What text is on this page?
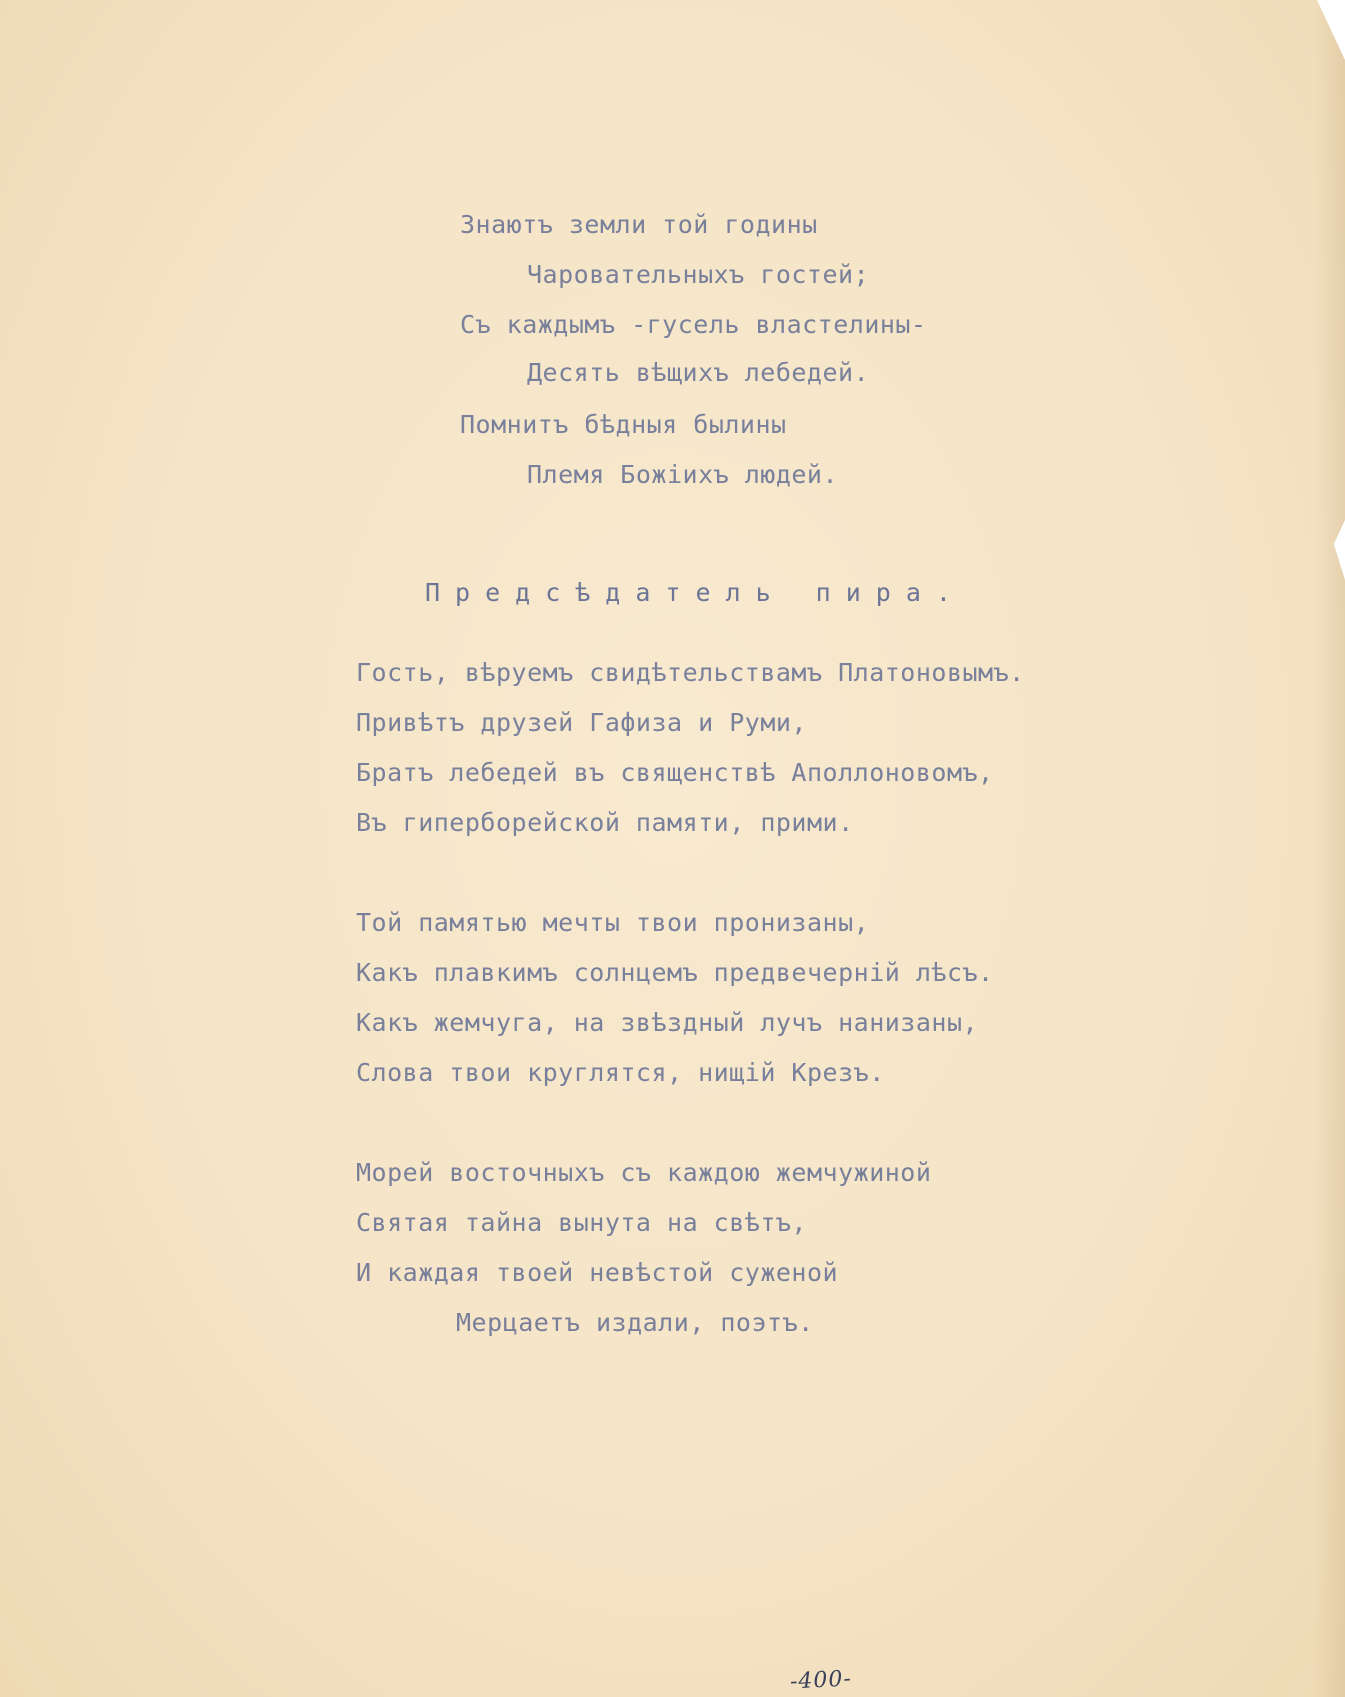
Знаютъ земли той годины

Чаровательныхъ гостей;

Съ каждымъ -гусель властелины-

Десять вѣщихъ лебедей.

Помнитъ бѣдныя былины

Племя Божіихъ людей.

Предсѣдатель пира.

Гость, вѣруемъ свидѣтельствамъ Платоновымъ.

Привѣтъ друзей Гафиза и Руми,

Братъ лебедей въ священствѣ Аполлоновомъ,

Въ гиперборейской памяти, прими.

Той памятью мечты твои пронизаны,

Какъ плавкимъ солнцемъ предвечерній лѣсъ.

Какъ жемчуга, на звѣздный лучъ нанизаны,

Слова твои круглятся, нищій Крезъ.

Морей восточныхъ съ каждою жемчужиной

Святая тайна вынута на свѣтъ,

И каждая твоей невѣстой суженой

Мерцаетъ издали, поэтъ.

-400-
